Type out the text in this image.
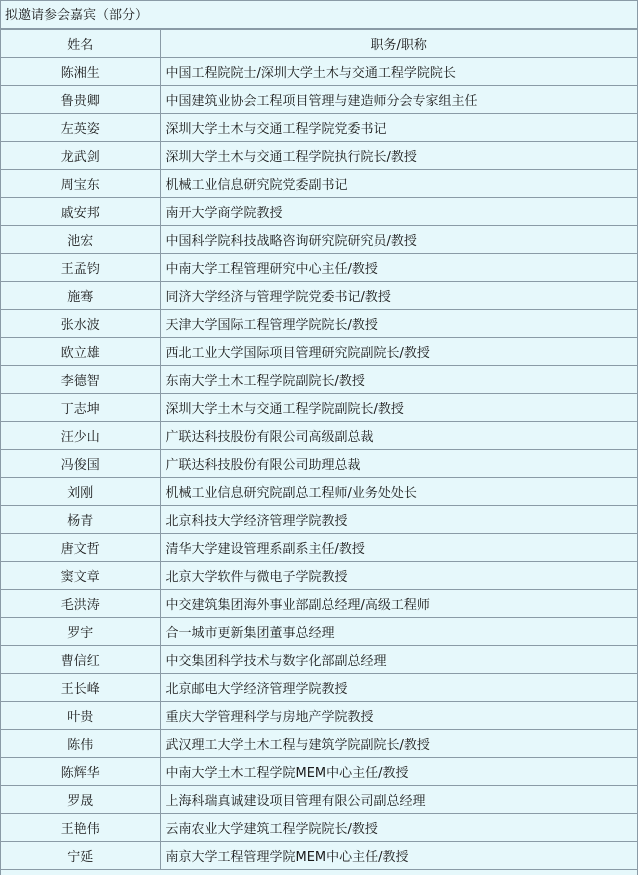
拟邀请参会嘉宾（部分）
姓名	职务/职称
陈湘生	中国工程院院士/深圳大学土木与交通工程学院院长
鲁贵卿	中国建筑业协会工程项目管理与建造师分会专家组主任
左英姿	深圳大学土木与交通工程学院党委书记
龙武剑	深圳大学土木与交通工程学院执行院长/教授
周宝东	机械工业信息研究院党委副书记
戚安邦	南开大学商学院教授
池宏	中国科学院科技战略咨询研究院研究员/教授
王孟钧	中南大学工程管理研究中心主任/教授
施骞	同济大学经济与管理学院党委书记/教授
张水波	天津大学国际工程管理学院院长/教授
欧立雄	西北工业大学国际项目管理研究院副院长/教授
李德智	东南大学土木工程学院副院长/教授
丁志坤	深圳大学土木与交通工程学院副院长/教授
汪少山	广联达科技股份有限公司高级副总裁
冯俊国	广联达科技股份有限公司助理总裁
刘刚	机械工业信息研究院副总工程师/业务处处长
杨青	北京科技大学经济管理学院教授
唐文哲	清华大学建设管理系副系主任/教授
窦文章	北京大学软件与微电子学院教授
毛洪涛	中交建筑集团海外事业部副总经理/高级工程师
罗宇	合一城市更新集团董事总经理
曹信红	中交集团科学技术与数字化部副总经理
王长峰	北京邮电大学经济管理学院教授
叶贵	重庆大学管理科学与房地产学院教授
陈伟	武汉理工大学土木工程与建筑学院副院长/教授
陈辉华	中南大学土木工程学院MEM中心主任/教授
罗晟	上海科瑞真诚建设项目管理有限公司副总经理
王艳伟	云南农业大学建筑工程学院院长/教授
宁延	南京大学工程管理学院MEM中心主任/教授
